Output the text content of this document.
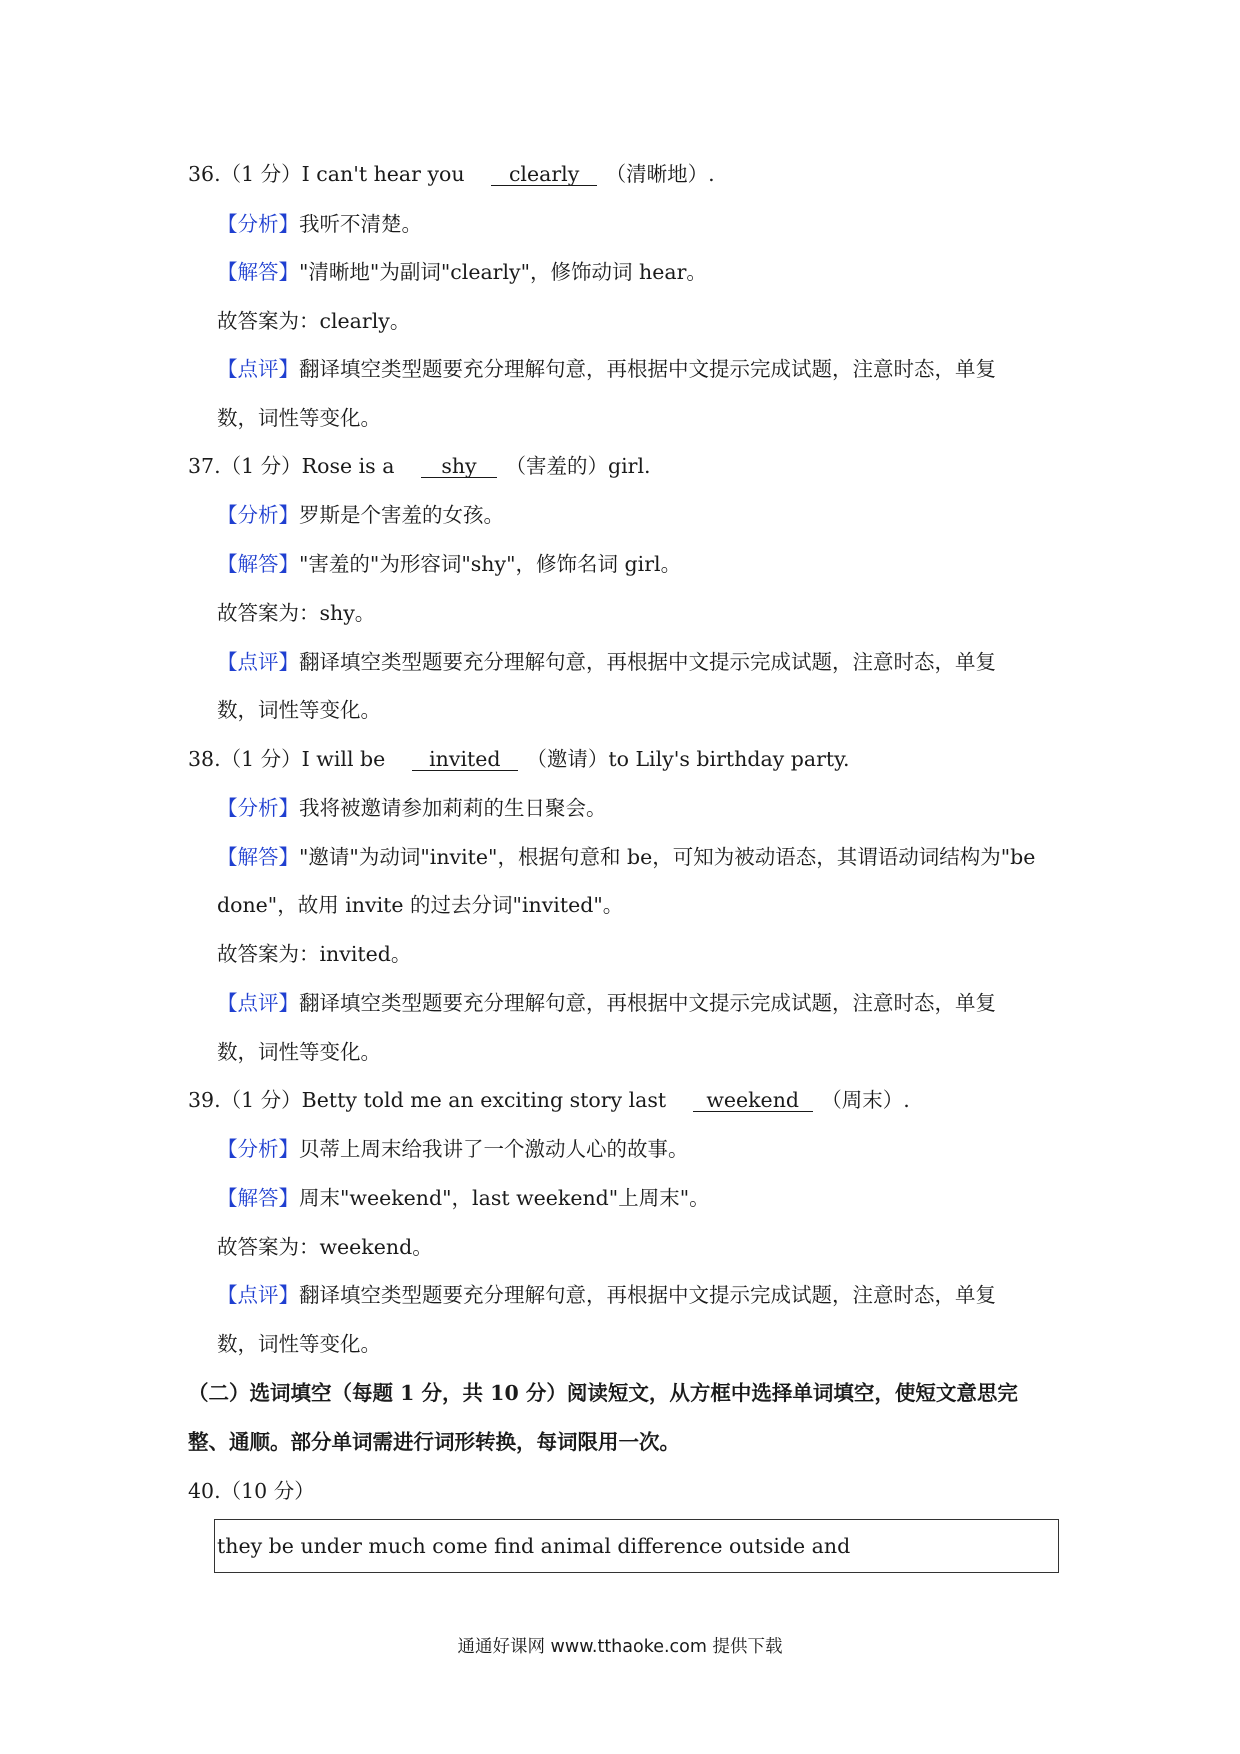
36.（1 分）I can't hear you clearly （清晰地）.
【分析】我听不清楚。
【解答】"清晰地"为副词"clearly"，修饰动词 hear。
故答案为：clearly。
【点评】翻译填空类型题要充分理解句意，再根据中文提示完成试题，注意时态，单复
数，词性等变化。
37.（1 分）Rose is a shy （害羞的）girl.
【分析】罗斯是个害羞的女孩。
【解答】"害羞的"为形容词"shy"，修饰名词 girl。
故答案为：shy。
【点评】翻译填空类型题要充分理解句意，再根据中文提示完成试题，注意时态，单复
数，词性等变化。
38.（1 分）I will be invited （邀请）to Lily's birthday party.
【分析】我将被邀请参加莉莉的生日聚会。
【解答】"邀请"为动词"invite"，根据句意和 be，可知为被动语态，其谓语动词结构为"be
done"，故用 invite 的过去分词"invited"。
故答案为：invited。
【点评】翻译填空类型题要充分理解句意，再根据中文提示完成试题，注意时态，单复
数，词性等变化。
39.（1 分）Betty told me an exciting story last weekend （周末）.
【分析】贝蒂上周末给我讲了一个激动人心的故事。
【解答】周末"weekend"，last weekend"上周末"。
故答案为：weekend。
【点评】翻译填空类型题要充分理解句意，再根据中文提示完成试题，注意时态，单复
数，词性等变化。
（二）选词填空（每题 1 分，共 10 分）阅读短文，从方框中选择单词填空，使短文意思完
整、通顺。部分单词需进行词形转换，每词限用一次。
40.（10 分）
they be under much come find animal difference outside and
通通好课网 www.tthaoke.com 提供下载
